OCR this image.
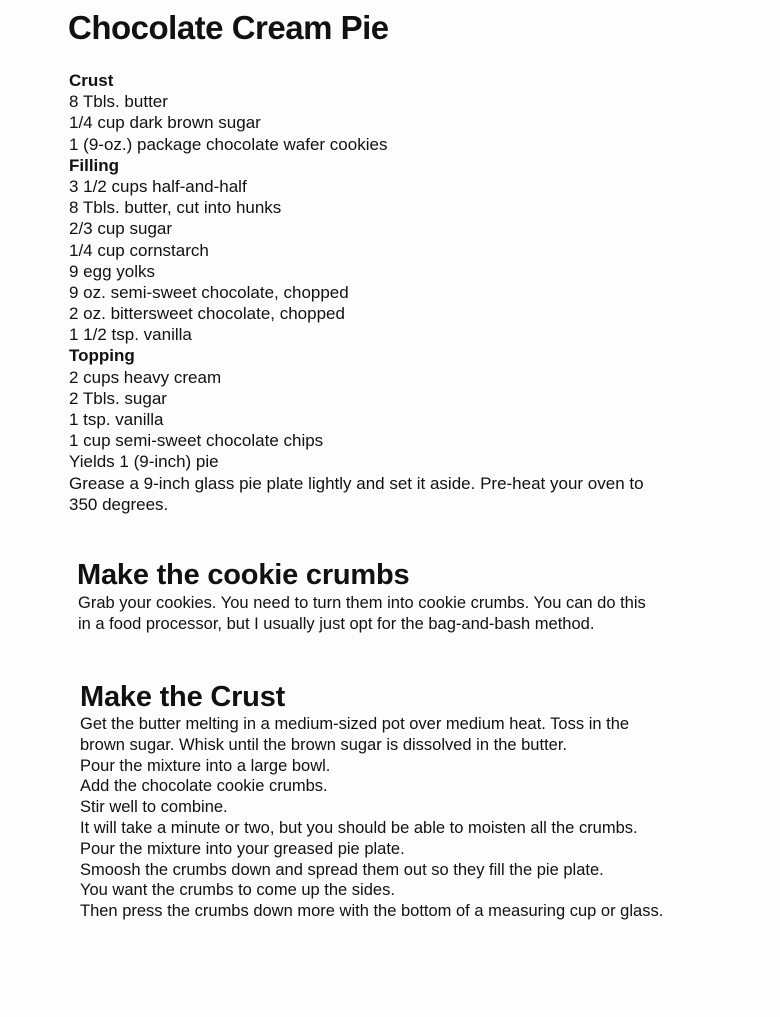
Chocolate Cream Pie
Crust
8 Tbls. butter
1/4 cup dark brown sugar
1 (9-oz.) package chocolate wafer cookies
Filling
3 1/2 cups half-and-half
8 Tbls. butter, cut into hunks
2/3 cup sugar
1/4 cup cornstarch
9 egg yolks
9 oz. semi-sweet chocolate, chopped
2 oz. bittersweet chocolate, chopped
1 1/2 tsp. vanilla
Topping
2 cups heavy cream
2 Tbls. sugar
1 tsp. vanilla
1 cup semi-sweet chocolate chips
Yields 1 (9-inch) pie
Grease a 9-inch glass pie plate lightly and set it aside. Pre-heat your oven to
350 degrees.
Make the cookie crumbs
Grab your cookies. You need to turn them into cookie crumbs. You can do this
in a food processor, but I usually just opt for the bag-and-bash method.
Make the Crust
Get the butter melting in a medium-sized pot over medium heat. Toss in the
brown sugar. Whisk until the brown sugar is dissolved in the butter.
Pour the mixture into a large bowl.
Add the chocolate cookie crumbs.
Stir well to combine.
It will take a minute or two, but you should be able to moisten all the crumbs.
Pour the mixture into your greased pie plate.
Smoosh the crumbs down and spread them out so they fill the pie plate.
You want the crumbs to come up the sides.
Then press the crumbs down more with the bottom of a measuring cup or glass.
